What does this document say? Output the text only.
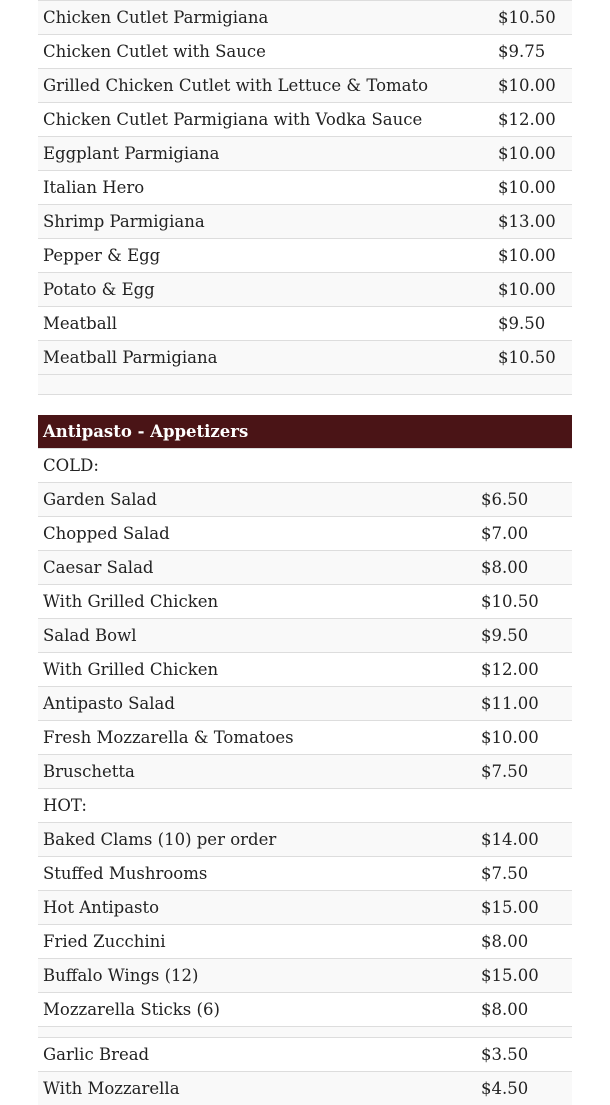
Chicken Cutlet Parmigiana	$10.50
Chicken Cutlet with Sauce	$9.75
Grilled Chicken Cutlet with Lettuce & Tomato	$10.00
Chicken Cutlet Parmigiana with Vodka Sauce	$12.00
Eggplant Parmigiana	$10.00
Italian Hero	$10.00
Shrimp Parmigiana	$13.00
Pepper & Egg	$10.00
Potato & Egg	$10.00
Meatball	$9.50
Meatball Parmigiana	$10.50

Antipasto - Appetizers	
COLD:	
Garden Salad	$6.50
Chopped Salad	$7.00
Caesar Salad	$8.00
With Grilled Chicken	$10.50
Salad Bowl	$9.50
With Grilled Chicken	$12.00
Antipasto Salad	$11.00
Fresh Mozzarella & Tomatoes	$10.00
Bruschetta	$7.50
HOT:	
Baked Clams (10) per order	$14.00
Stuffed Mushrooms	$7.50
Hot Antipasto	$15.00
Fried Zucchini	$8.00
Buffalo Wings (12)	$15.00
Mozzarella Sticks (6)	$8.00

Garlic Bread	$3.50
With Mozzarella	$4.50
